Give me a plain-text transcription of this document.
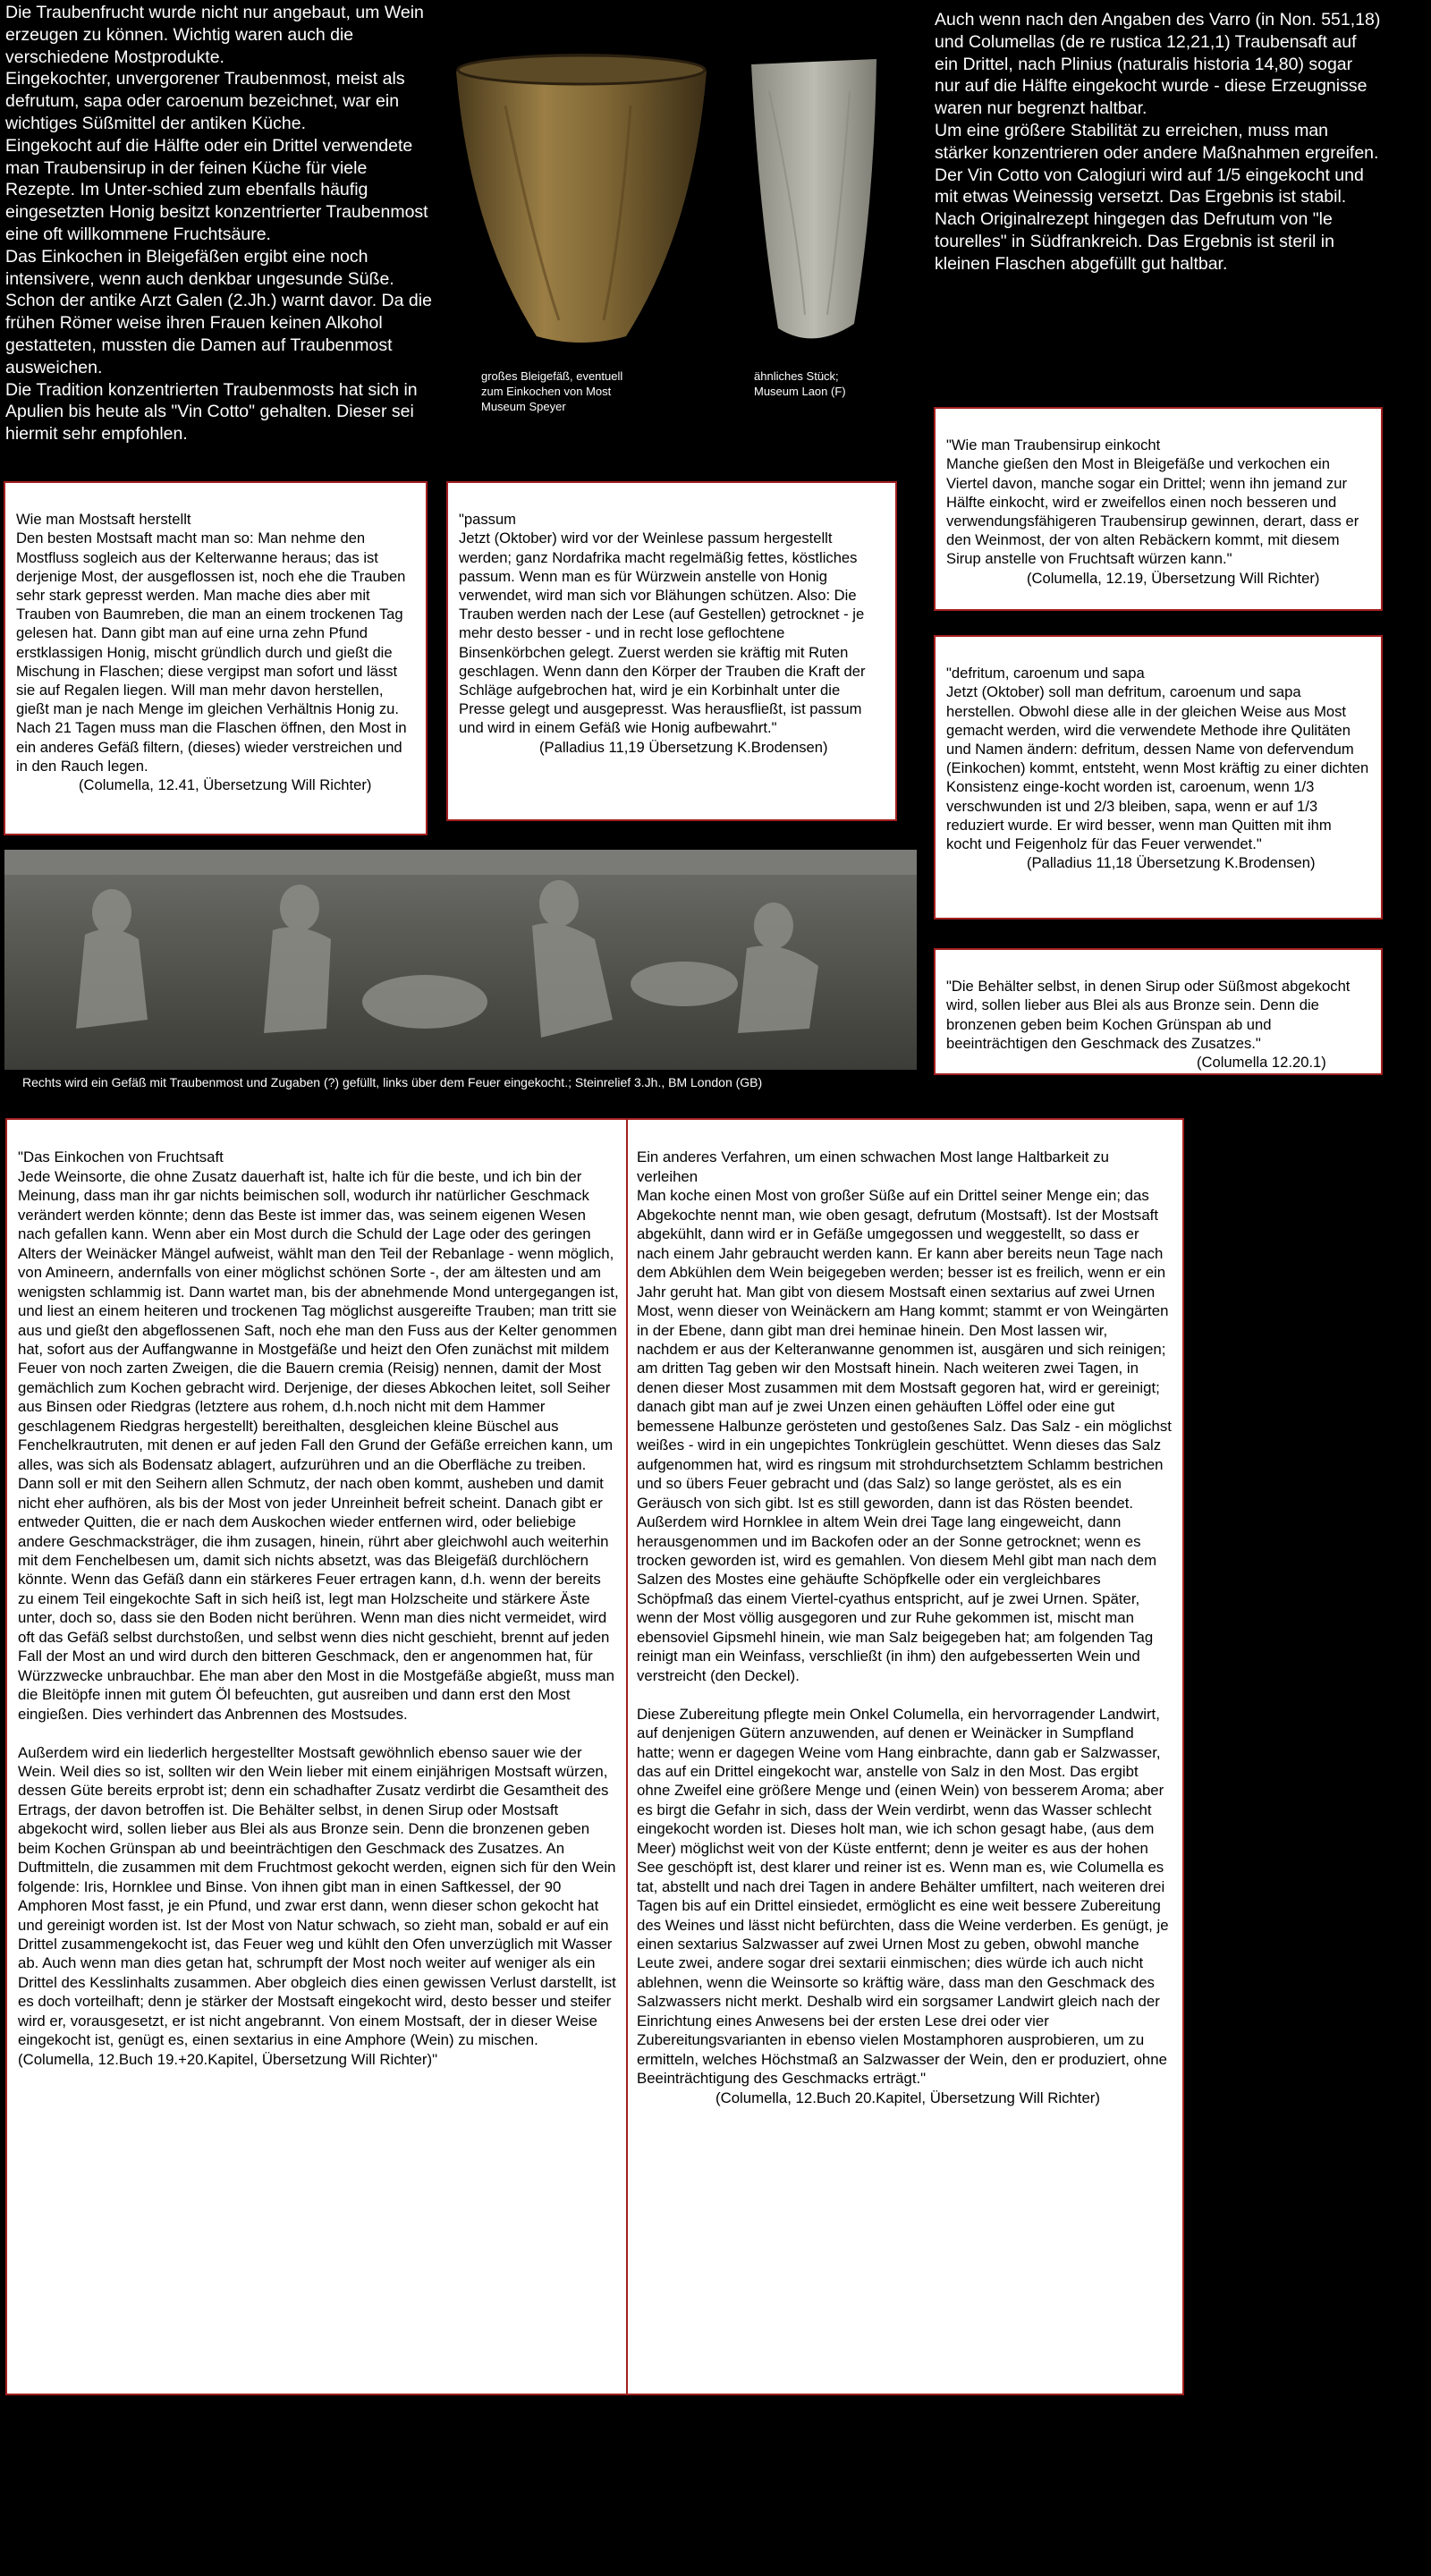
Die Traubenfrucht wurde nicht nur angebaut, um Wein erzeugen zu können. Wichtig waren auch die verschiedene Mostprodukte.
Eingekochter, unvergorener Traubenmost, meist als defrutum, sapa oder caroenum bezeichnet, war ein wichtiges Süßmittel der antiken Küche.
Eingekocht auf die Hälfte oder ein Drittel verwendete man Traubensirup in der feinen Küche für viele Rezepte. Im Unter-schied zum ebenfalls häufig eingesetzten Honig besitzt konzentrierter Traubenmost eine oft willkommene Fruchtsäure.
Das Einkochen in Bleigefäßen ergibt eine noch intensivere, wenn auch denkbar ungesunde Süße. Schon der antike Arzt Galen (2.Jh.) warnt davor. Da die frühen Römer weise ihren Frauen keinen Alkohol gestatteten, mussten die Damen auf Traubenmost ausweichen.
Die Tradition konzentrierten Traubenmosts hat sich in Apulien bis heute als "Vin Cotto" gehalten. Dieser sei hiermit sehr empfohlen.
großes Bleigefäß, eventuell
zum Einkochen von Most
Museum Speyer
ähnliches Stück;
Museum Laon (F)
Auch wenn nach den Angaben des Varro (in Non. 551,18) und Columellas (de re rustica 12,21,1) Traubensaft auf ein Drittel, nach Plinius (naturalis historia 14,80) sogar nur auf die Hälfte eingekocht wurde - diese Erzeugnisse waren nur begrenzt haltbar.
Um eine größere Stabilität zu erreichen, muss man stärker konzentrieren oder andere Maßnahmen ergreifen.
Der Vin Cotto von Calogiuri wird auf 1/5 eingekocht und mit etwas Weinessig versetzt. Das Ergebnis ist stabil.
Nach Originalrezept hingegen das Defrutum von "le tourelles" in Südfrankreich. Das Ergebnis ist steril in kleinen Flaschen abgefüllt gut haltbar.

Wie man Mostsaft herstellt
Den besten Mostsaft macht man so: Man nehme den Mostfluss sogleich aus der Kelterwanne heraus; das ist derjenige Most, der ausgeflossen ist, noch ehe die Trauben sehr stark gepresst werden. Man mache dies aber mit Trauben von Baumreben, die man an einem trockenen Tag gelesen hat. Dann gibt man auf eine urna zehn Pfund erstklassigen Honig, mischt gründlich durch und gießt die Mischung in Flaschen; diese vergipst man sofort und lässt sie auf Regalen liegen. Will man mehr davon herstellen, gießt man je nach Menge im gleichen Verhältnis Honig zu. Nach 21 Tagen muss man die Flaschen öffnen, den Most in ein anderes Gefäß filtern, (dieses) wieder verstreichen und in den Rauch legen.

(Columella, 12.41, Übersetzung Will Richter)

"passum
Jetzt (Oktober) wird vor der Weinlese passum hergestellt werden; ganz Nordafrika macht regelmäßig fettes, köstliches passum. Wenn man es für Würzwein anstelle von Honig verwendet, wird man sich vor Blähungen schützen. Also: Die Trauben werden nach der Lese (auf Gestellen) getrocknet - je mehr desto besser - und in recht lose geflochtene Binsenkörbchen gelegt. Zuerst werden sie kräftig mit Ruten geschlagen. Wenn dann den Körper der Trauben die Kraft der Schläge aufgebrochen hat, wird je ein Korbinhalt unter die Presse gelegt und ausgepresst. Was herausfließt, ist passum und wird in einem Gefäß wie Honig aufbewahrt."

(Palladius 11,19 Übersetzung K.Brodensen)

"Wie man Traubensirup einkocht
Manche gießen den Most in Bleigefäße und verkochen ein Viertel davon, manche sogar ein Drittel; wenn ihn jemand zur Hälfte einkocht, wird er zweifellos einen noch besseren und verwendungsfähigeren Traubensirup gewinnen, derart, dass er den Weinmost, der von alten Rebäckern kommt, mit diesem Sirup anstelle von Fruchtsaft würzen kann."

(Columella, 12.19, Übersetzung Will Richter)

"defritum, caroenum und sapa
Jetzt (Oktober) soll man defritum, caroenum und sapa herstellen. Obwohl diese alle in der gleichen Weise aus Most gemacht werden, wird die verwendete Methode ihre Qulitäten und Namen ändern: defritum, dessen Name von defervendum (Einkochen) kommt, entsteht, wenn Most kräftig zu einer dichten Konsistenz einge-kocht worden ist, caroenum, wenn 1/3 verschwunden ist und 2/3 bleiben, sapa, wenn er auf 1/3 reduziert wurde. Er wird besser, wenn man Quitten mit ihm kocht und Feigenholz für das Feuer verwendet."

(Palladius 11,18 Übersetzung K.Brodensen)

"Die Behälter selbst, in denen Sirup oder Süßmost abgekocht wird, sollen lieber aus Blei als aus Bronze sein. Denn die bronzenen geben beim Kochen Grünspan ab und beeinträchtigen den Geschmack des Zusatzes."

(Columella 12.20.1)

Rechts wird ein Gefäß mit Traubenmost und Zugaben (?) gefüllt, links über dem Feuer eingekocht.; Steinrelief 3.Jh., BM London (GB)

"Das Einkochen von Fruchtsaft
Jede Weinsorte, die ohne Zusatz dauerhaft ist, halte ich für die beste, und ich bin der Meinung, dass man ihr gar nichts beimischen soll, wodurch ihr natürlicher Geschmack verändert werden könnte; denn das Beste ist immer das, was seinem eigenen Wesen nach gefallen kann. Wenn aber ein Most durch die Schuld der Lage oder des geringen Alters der Weinäcker Mängel aufweist, wählt man den Teil der Rebanlage - wenn möglich, von Amineern, andernfalls von einer möglichst schönen Sorte -, der am ältesten und am wenigsten schlammig ist. Dann wartet man, bis der abnehmende Mond untergegangen ist, und liest an einem heiteren und trockenen Tag möglichst ausgereifte Trauben; man tritt sie aus und gießt den abgeflossenen Saft, noch ehe man den Fuss aus der Kelter genommen hat, sofort aus der Auffangwanne in Mostgefäße und heizt den Ofen zunächst mit mildem Feuer von noch zarten Zweigen, die die Bauern cremia (Reisig) nennen, damit der Most gemächlich zum Kochen gebracht wird. Derjenige, der dieses Abkochen leitet, soll Seiher aus Binsen oder Riedgras (letztere aus rohem, d.h.noch nicht mit dem Hammer geschlagenem Riedgras hergestellt) bereithalten, desgleichen kleine Büschel aus Fenchelkrautruten, mit denen er auf jeden Fall den Grund der Gefäße erreichen kann, um alles, was sich als Bodensatz ablagert, aufzurühren und an die Oberfläche zu treiben. Dann soll er mit den Seihern allen Schmutz, der nach oben kommt, ausheben und damit nicht eher aufhören, als bis der Most von jeder Unreinheit befreit scheint. Danach gibt er entweder Quitten, die er nach dem Auskochen wieder entfernen wird, oder beliebige andere Geschmacksträger, die ihm zusagen, hinein, rührt aber gleichwohl auch weiterhin mit dem Fenchelbesen um, damit sich nichts absetzt, was das Bleigefäß durchlöchern könnte. Wenn das Gefäß dann ein stärkeres Feuer ertragen kann, d.h. wenn der bereits zu einem Teil eingekochte Saft in sich heiß ist, legt man Holzscheite und stärkere Äste unter, doch so, dass sie den Boden nicht berühren. Wenn man dies nicht vermeidet, wird oft das Gefäß selbst durchstoßen, und selbst wenn dies nicht geschieht, brennt auf jeden Fall der Most an und wird durch den bitteren Geschmack, den er angenommen hat, für Würzzwecke unbrauchbar. Ehe man aber den Most in die Mostgefäße abgießt, muss man die Bleitöpfe innen mit gutem Öl befeuchten, gut ausreiben und dann erst den Most eingießen. Dies verhindert das Anbrennen des Mostsudes.

Außerdem wird ein liederlich hergestellter Mostsaft gewöhnlich ebenso sauer wie der Wein. Weil dies so ist, sollten wir den Wein lieber mit einem einjährigen Mostsaft würzen, dessen Güte bereits erprobt ist; denn ein schadhafter Zusatz verdirbt die Gesamtheit des Ertrags, der davon betroffen ist. Die Behälter selbst, in denen Sirup oder Mostsaft abgekocht wird, sollen lieber aus Blei als aus Bronze sein. Denn die bronzenen geben beim Kochen Grünspan ab und beeinträchtigen den Geschmack des Zusatzes. An Duftmitteln, die zusammen mit dem Fruchtmost gekocht werden, eignen sich für den Wein folgende: Iris, Hornklee und Binse. Von ihnen gibt man in einen Saftkessel, der 90 Amphoren Most fasst, je ein Pfund, und zwar erst dann, wenn dieser schon gekocht hat und gereinigt worden ist. Ist der Most von Natur schwach, so zieht man, sobald er auf ein Drittel zusammengekocht ist, das Feuer weg und kühlt den Ofen unverzüglich mit Wasser ab. Auch wenn man dies getan hat, schrumpft der Most noch weiter auf weniger als ein Drittel des Kesslinhalts zusammen. Aber obgleich dies einen gewissen Verlust darstellt, ist es doch vorteilhaft; denn je stärker der Mostsaft eingekocht wird, desto besser und steifer wird er, vorausgesetzt, er ist nicht angebrannt. Von einem Mostsaft, der in dieser Weise eingekocht ist, genügt es, einen sextarius in eine Amphore (Wein) zu mischen.
(Columella, 12.Buch 19.+20.Kapitel, Übersetzung Will Richter)"

Ein anderes Verfahren, um einen schwachen Most lange Haltbarkeit zu verleihen
Man koche einen Most von großer Süße auf ein Drittel seiner Menge ein; das Abgekochte nennt man, wie oben gesagt, defrutum (Mostsaft). Ist der Mostsaft abgekühlt, dann wird er in Gefäße umgegossen und weggestellt, so dass er nach einem Jahr gebraucht werden kann. Er kann aber bereits neun Tage nach dem Abkühlen dem Wein beigegeben werden; besser ist es freilich, wenn er ein Jahr geruht hat. Man gibt von diesem Mostsaft einen sextarius auf zwei Urnen Most, wenn dieser von Weinäckern am Hang kommt; stammt er von Weingärten in der Ebene, dann gibt man drei heminae hinein. Den Most lassen wir, nachdem er aus der Kelteranwanne genommen ist, ausgären und sich reinigen; am dritten Tag geben wir den Mostsaft hinein. Nach weiteren zwei Tagen, in denen dieser Most zusammen mit dem Mostsaft gegoren hat, wird er gereinigt; danach gibt man auf je zwei Unzen einen gehäuften Löffel oder eine gut bemessene Halbunze gerösteten und gestoßenes Salz. Das Salz - ein möglichst weißes - wird in ein ungepichtes Tonkrüglein geschüttet. Wenn dieses das Salz aufgenommen hat, wird es ringsum mit strohdurchsetztem Schlamm bestrichen und so übers Feuer gebracht und (das Salz) so lange geröstet, als es ein Geräusch von sich gibt. Ist es still geworden, dann ist das Rösten beendet.
Außerdem wird Hornklee in altem Wein drei Tage lang eingeweicht, dann herausgenommen und im Backofen oder an der Sonne getrocknet; wenn es trocken geworden ist, wird es gemahlen. Von diesem Mehl gibt man nach dem Salzen des Mostes eine gehäufte Schöpfkelle oder ein vergleichbares Schöpfmaß das einem Viertel-cyathus entspricht, auf je zwei Urnen. Später, wenn der Most völlig ausgegoren und zur Ruhe gekommen ist, mischt man ebensoviel Gipsmehl hinein, wie man Salz beigegeben hat; am folgenden Tag reinigt man ein Weinfass, verschließt (in ihm) den aufgebesserten Wein und verstreicht (den Deckel).

Diese Zubereitung pflegte mein Onkel Columella, ein hervorragender Landwirt, auf denjenigen Gütern anzuwenden, auf denen er Weinäcker in Sumpfland hatte; wenn er dagegen Weine vom Hang einbrachte, dann gab er Salzwasser, das auf ein Drittel eingekocht war, anstelle von Salz in den Most. Das ergibt ohne Zweifel eine größere Menge und (einen Wein) von besserem Aroma; aber es birgt die Gefahr in sich, dass der Wein verdirbt, wenn das Wasser schlecht eingekocht worden ist. Dieses holt man, wie ich schon gesagt habe, (aus dem Meer) möglichst weit von der Küste entfernt; denn je weiter es aus der hohen See geschöpft ist, dest klarer und reiner ist es. Wenn man es, wie Columella es tat, abstellt und nach drei Tagen in andere Behälter umfiltert, nach weiteren drei Tagen bis auf ein Drittel einsiedet, ermöglicht es eine weit bessere Zubereitung des Weines und lässt nicht befürchten, dass die Weine verderben. Es genügt, je einen sextarius Salzwasser auf zwei Urnen Most zu geben, obwohl manche Leute zwei, andere sogar drei sextarii einmischen; dies würde ich auch nicht ablehnen, wenn die Weinsorte so kräftig wäre, dass man den Geschmack des Salzwassers nicht merkt. Deshalb wird ein sorgsamer Landwirt gleich nach der Einrichtung eines Anwesens bei der ersten Lese drei oder vier Zubereitungsvarianten in ebenso vielen Mostamphoren ausprobieren, um zu ermitteln, welches Höchstmaß an Salzwasser der Wein, den er produziert, ohne Beeinträchtigung des Geschmacks erträgt."

(Columella, 12.Buch 20.Kapitel, Übersetzung Will Richter)
